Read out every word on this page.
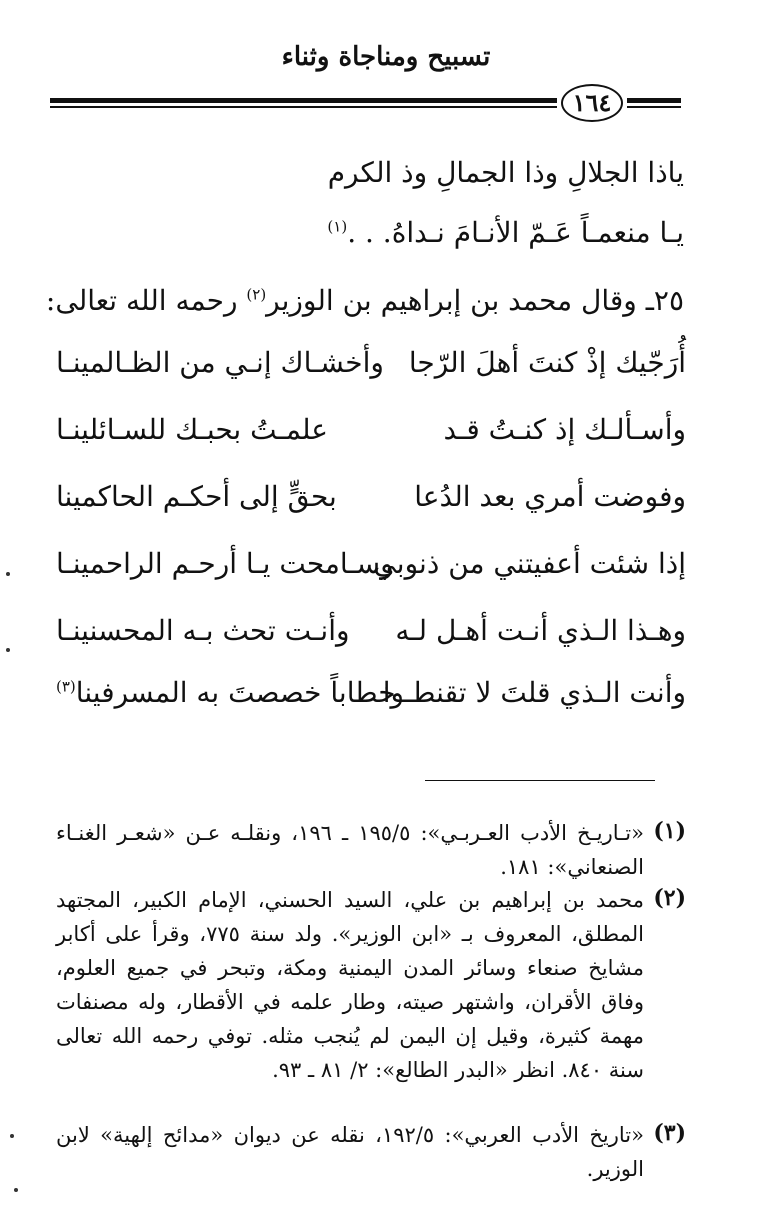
تسبيح ومناجاة وثناء
١٦٤
ياذا الجلالِ وذا الجمالِ وذ الكرم
يـا منعمـاً عَـمّ الأنـامَ نـداهُ. . .$^{(١)}$
٢٥ـ وقال محمد بن إبراهيم بن الوزير$^{(٢)}$ رحمه الله تعالى:
أُرَجّيك إذْ كنتَ أهلَ الرّجا
وأخشـاك إنـي من الظـالمينـا
وأسـألـك إذ كنـتُ قـد
علمـتُ بحبـك للسـائلينـا
وفوضت أمري بعد الدُعا
بحقٍّ إلى أحكـم الحاكمينا
إذا شئت أعفيتني من ذنوبي
وسـامحت يـا أرحـم الراحمينـا
وهـذا الـذي أنـت أهـل لـه
وأنـت تحث بـه المحسنينـا
وأنت الـذي قلتَ لا تقنطـوا
خطاباً خصصتَ به المسرفينا$^{(٣)}$
(١)
«تـاريـخ الأدب العـربـي»: ١٩٥/٥ ـ ١٩٦، ونقلـه عـن «شعـر الغنـاء الصنعاني»: ١٨١.
(٢)
محمد بن إبراهيم بن علي، السيد الحسني، الإمام الكبير، المجتهد المطلق، المعروف بـ «ابن الوزير». ولد سنة ٧٧٥، وقرأ على أكابر مشايخ صنعاء وسائر المدن اليمنية ومكة، وتبحر في جميع العلوم، وفاق الأقران، واشتهر صيته، وطار علمه في الأقطار، وله مصنفات مهمة كثيرة، وقيل إن اليمن لم يُنجب مثله. توفي رحمه الله تعالى سنة ٨٤٠. انظر «البدر الطالع»: ٢/ ٨١ ـ ٩٣.
(٣)
«تاريخ الأدب العربي»: ١٩٢/٥، نقله عن ديوان «مدائح إلهية» لابن الوزير.
